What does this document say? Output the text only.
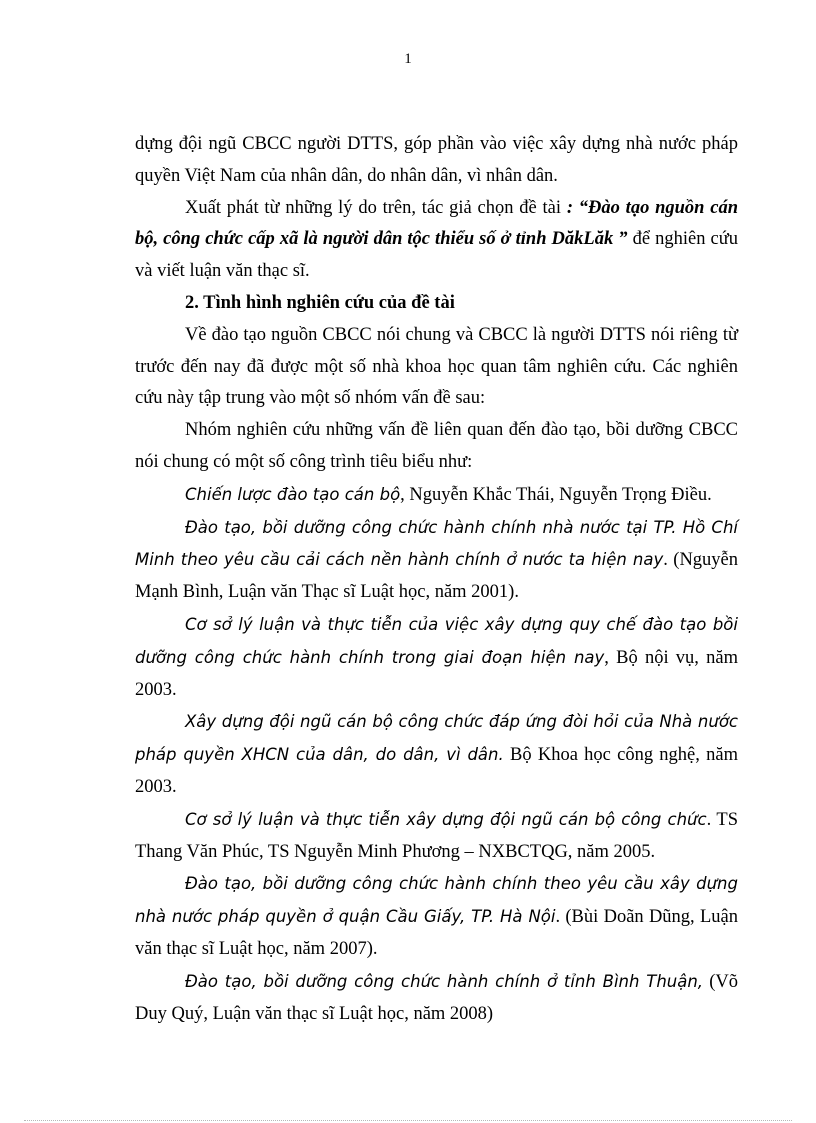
1

dựng đội ngũ CBCC người DTTS, góp phần vào việc xây dựng nhà nước pháp quyền Việt Nam của nhân dân, do nhân dân, vì nhân dân.

Xuất phát từ những lý do trên, tác giả chọn đề tài : “Đào tạo nguồn cán bộ, công chức cấp xã là người dân tộc thiểu số ở tỉnh DăkLăk ” để nghiên cứu và viết luận văn thạc sĩ.

2. Tình hình nghiên cứu của đề tài

Về đào tạo nguồn CBCC nói chung và CBCC là người DTTS nói riêng từ trước đến nay đã được một số nhà khoa học quan tâm nghiên cứu. Các nghiên cứu này tập trung vào một số nhóm vấn đề sau:

Nhóm nghiên cứu những vấn đề liên quan đến đào tạo, bồi dưỡng CBCC nói chung có một số công trình tiêu biểu như:

Chiến lược đào tạo cán bộ, Nguyễn Khắc Thái, Nguyễn Trọng Điều.

Đào tạo, bồi dưỡng công chức hành chính nhà nước tại TP. Hồ Chí Minh theo yêu cầu cải cách nền hành chính ở nước ta hiện nay. (Nguyễn Mạnh Bình, Luận văn Thạc sĩ Luật học, năm 2001).

Cơ sở lý luận và thực tiễn của việc xây dựng quy chế đào tạo bồi dưỡng công chức hành chính trong giai đoạn hiện nay, Bộ nội vụ, năm 2003.

Xây dựng đội ngũ cán bộ công chức đáp ứng đòi hỏi của Nhà nước pháp quyền XHCN của dân, do dân, vì dân. Bộ Khoa học công nghệ, năm 2003.

Cơ sở lý luận và thực tiễn xây dựng đội ngũ cán bộ công chức. TS Thang Văn Phúc, TS Nguyễn Minh Phương – NXBCTQG, năm 2005.

Đào tạo, bồi dưỡng công chức hành chính theo yêu cầu xây dựng nhà nước pháp quyền ở quận Cầu Giấy, TP. Hà Nội. (Bùi Doãn Dũng, Luận văn thạc sĩ Luật học, năm 2007).

Đào tạo, bồi dưỡng công chức hành chính ở tỉnh Bình Thuận, (Võ Duy Quý, Luận văn thạc sĩ Luật học, năm 2008)
